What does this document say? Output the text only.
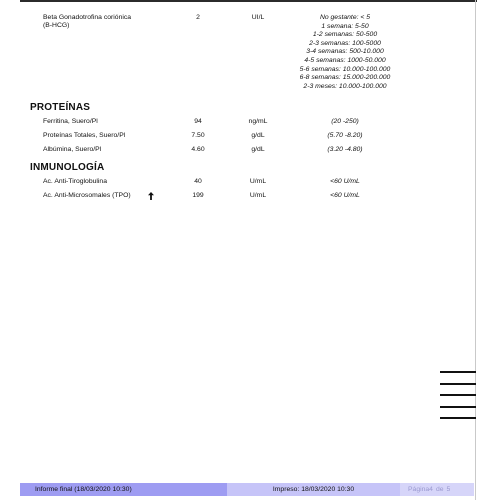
Beta Gonadotrofina coriónica
(B-HCG)
2	UI/L	No gestante: < 5
1 semana: 5-50
1-2 semanas: 50-500
2-3 semanas: 100-5000
3-4 semanas: 500-10.000
4-5 semanas: 1000-50.000
5-6 semanas: 10.000-100.000
6-8 semanas: 15.000-200.000
2-3 meses: 10.000-100.000
PROTEÍNAS
Ferritina, Suero/Pl	94	ng/mL	(20 -250)
Proteínas Totales, Suero/Pl	7.50	g/dL	(5.70 -8.20)
Albúmina, Suero/Pl	4.60	g/dL	(3.20 -4.80)
INMUNOLOGÍA
Ac. Anti-Tiroglobulina	40	U/mL	<60 U/mL
Ac. Anti-Microsomales (TPO)	199	U/mL	<60 U/mL
Informe final (18/03/2020 10:30)	Impreso: 18/03/2020 10:30	Página4 de 5
